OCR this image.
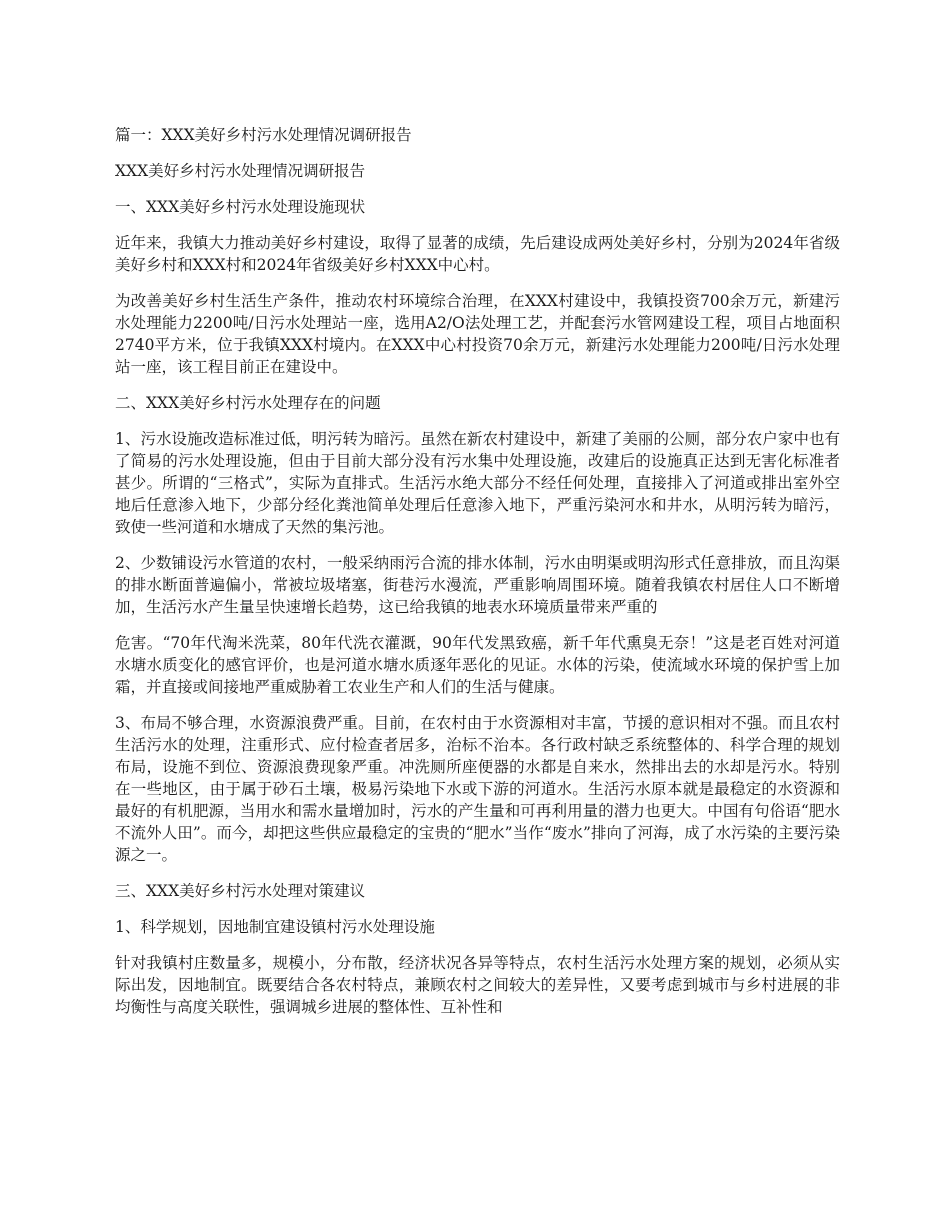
篇一：XXX美好乡村污水处理情况调研报告
XXX美好乡村污水处理情况调研报告
一、XXX美好乡村污水处理设施现状
近年来，我镇大力推动美好乡村建设，取得了显著的成绩，先后建设成两处美好乡村，分别为2024年省级美好乡村和XXX村和2024年省级美好乡村XXX中心村。
为改善美好乡村生活生产条件，推动农村环境综合治理，在XXX村建设中，我镇投资700余万元，新建污水处理能力2200吨/日污水处理站一座，选用A2/O法处理工艺，并配套污水管网建设工程，项目占地面积2740平方米，位于我镇XXX村境内。在XXX中心村投资70余万元，新建污水处理能力200吨/日污水处理站一座，该工程目前正在建设中。
二、XXX美好乡村污水处理存在的问题
1、污水设施改造标准过低，明污转为暗污。虽然在新农村建设中，新建了美丽的公厕，部分农户家中也有了简易的污水处理设施，但由于目前大部分没有污水集中处理设施，改建后的设施真正达到无害化标准者甚少。所谓的“三格式”，实际为直排式。生活污水绝大部分不经任何处理，直接排入了河道或排出室外空地后任意渗入地下，少部分经化粪池简单处理后任意渗入地下，严重污染河水和井水，从明污转为暗污，致使一些河道和水塘成了天然的集污池。
2、少数铺设污水管道的农村，一般采纳雨污合流的排水体制，污水由明渠或明沟形式任意排放，而且沟渠的排水断面普遍偏小，常被垃圾堵塞，街巷污水漫流，严重影响周围环境。随着我镇农村居住人口不断增加，生活污水产生量呈快速增长趋势，这已给我镇的地表水环境质量带来严重的
危害。“70年代淘米洗菜，80年代洗衣灌溉，90年代发黑致癌，新千年代熏臭无奈！”这是老百姓对河道水塘水质变化的感官评价，也是河道水塘水质逐年恶化的见证。水体的污染，使流域水环境的保护雪上加霜，并直接或间接地严重威胁着工农业生产和人们的生活与健康。
3、布局不够合理，水资源浪费严重。目前，在农村由于水资源相对丰富，节援的意识相对不强。而且农村生活污水的处理，注重形式、应付检查者居多，治标不治本。各行政村缺乏系统整体的、科学合理的规划布局，设施不到位、资源浪费现象严重。冲洗厕所座便器的水都是自来水，然排出去的水却是污水。特别在一些地区，由于属于砂石土壤，极易污染地下水或下游的河道水。生活污水原本就是最稳定的水资源和最好的有机肥源，当用水和需水量增加时，污水的产生量和可再利用量的潜力也更大。中国有句俗语“肥水不流外人田”。而今，却把这些供应最稳定的宝贵的“肥水”当作“废水”排向了河海，成了水污染的主要污染源之一。
三、XXX美好乡村污水处理对策建议
1、科学规划，因地制宜建设镇村污水处理设施
针对我镇村庄数量多，规模小，分布散，经济状况各异等特点，农村生活污水处理方案的规划，必须从实际出发，因地制宜。既要结合各农村特点，兼顾农村之间较大的差异性，又要考虑到城市与乡村进展的非均衡性与高度关联性，强调城乡进展的整体性、互补性和
